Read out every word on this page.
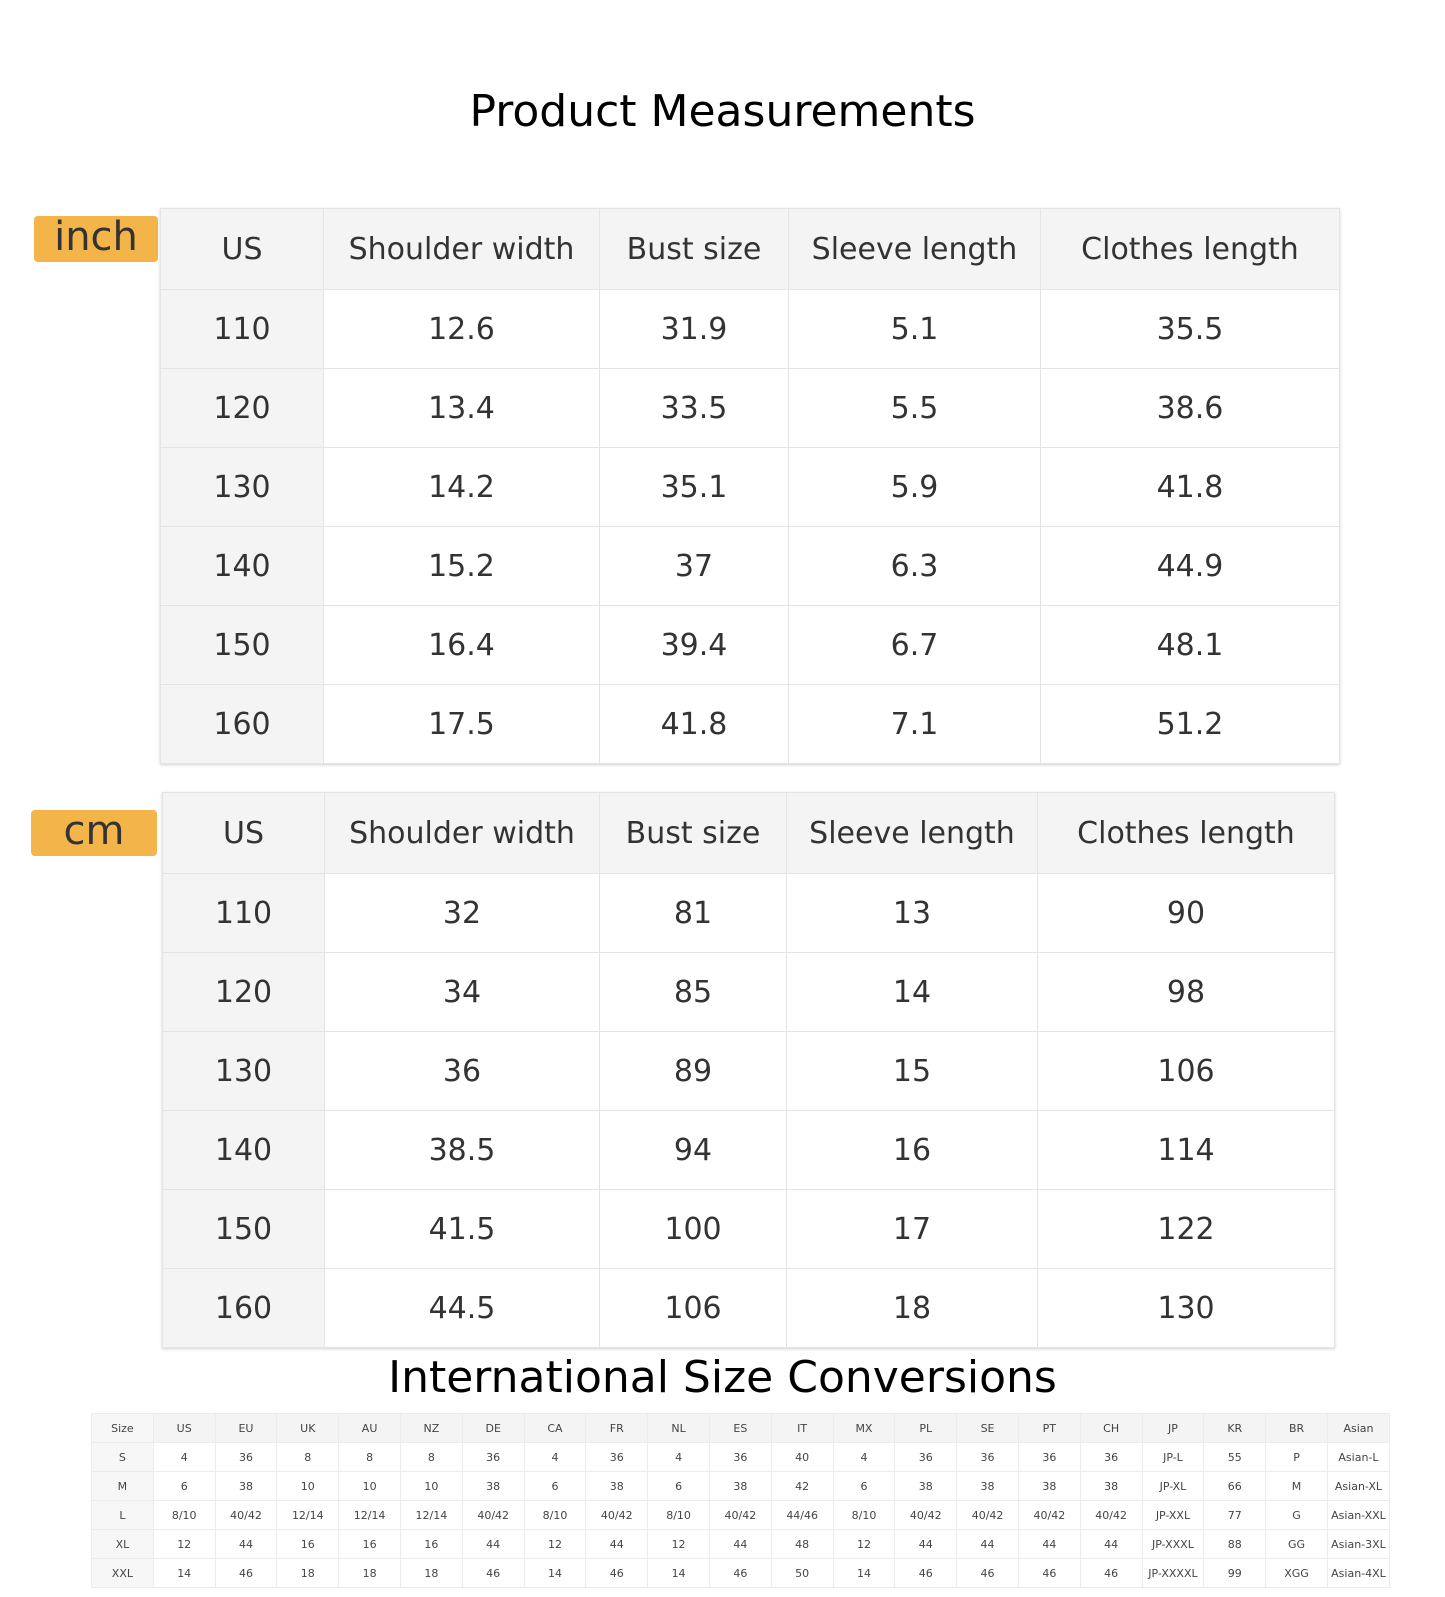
Product Measurements
inch	US	Shoulder width	Bust size	Sleeve length	Clothes length
110	12.6	31.9	5.1	35.5
120	13.4	33.5	5.5	38.6
130	14.2	35.1	5.9	41.8
140	15.2	37	6.3	44.9
150	16.4	39.4	6.7	48.1
160	17.5	41.8	7.1	51.2
cm	US	Shoulder width	Bust size	Sleeve length	Clothes length
110	32	81	13	90
120	34	85	14	98
130	36	89	15	106
140	38.5	94	16	114
150	41.5	100	17	122
160	44.5	106	18	130
International Size Conversions
Size	US	EU	UK	AU	NZ	DE	CA	FR	NL	ES	IT	MX	PL	SE	PT	CH	JP	KR	BR	Asian
S	4	36	8	8	8	36	4	36	4	36	40	4	36	36	36	36	JP-L	55	P	Asian-L
M	6	38	10	10	10	38	6	38	6	38	42	6	38	38	38	38	JP-XL	66	M	Asian-XL
L	8/10	40/42	12/14	12/14	12/14	40/42	8/10	40/42	8/10	40/42	44/46	8/10	40/42	40/42	40/42	40/42	JP-XXL	77	G	Asian-XXL
XL	12	44	16	16	16	44	12	44	12	44	48	12	44	44	44	44	JP-XXXL	88	GG	Asian-3XL
XXL	14	46	18	18	18	46	14	46	14	46	50	14	46	46	46	46	JP-XXXXL	99	XGG	Asian-4XL
